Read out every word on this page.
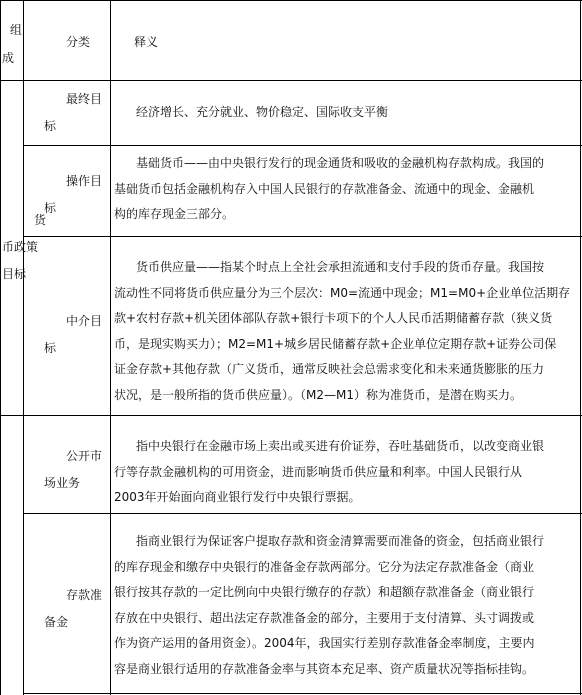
组
成
分类	释义
货
币政策
目标
最终目
标
经济增长、充分就业、物价稳定、国际收支平衡
操作目
标
基础货币——由中央银行发行的现金通货和吸收的金融机构存款构成。我国的
基础货币包括金融机构存入中国人民银行的存款准备金、流通中的现金、金融机
构的库存现金三部分。
中介目
标
货币供应量——指某个时点上全社会承担流通和支付手段的货币存量。我国按
流动性不同将货币供应量分为三个层次：M0=流通中现金；M1=M0+企业单位活期存
款+农村存款+机关团体部队存款+银行卡项下的个人人民币活期储蓄存款（狭义货
币，是现实购买力）；M2=M1+城乡居民储蓄存款+企业单位定期存款+证券公司保
证金存款+其他存款（广义货币，通常反映社会总需求变化和未来通货膨胀的压力
状况，是一般所指的货币供应量）。（M2—M1）称为准货币，是潜在购买力。
公开市
场业务
指中央银行在金融市场上卖出或买进有价证券，吞吐基础货币，以改变商业银
行等存款金融机构的可用资金，进而影响货币供应量和利率。中国人民银行从
2003年开始面向商业银行发行中央银行票据。
存款准
备金
指商业银行为保证客户提取存款和资金清算需要而准备的资金，包括商业银行
的库存现金和缴存中央银行的准备金存款两部分。它分为法定存款准备金（商业
银行按其存款的一定比例向中央银行缴存的存款）和超额存款准备金（商业银行
存放在中央银行、超出法定存款准备金的部分，主要用于支付清算、头寸调拨或
作为资产运用的备用资金）。2004年，我国实行差别存款准备金率制度，主要内
容是商业银行适用的存款准备金率与其资本充足率、资产质量状况等指标挂钩。
